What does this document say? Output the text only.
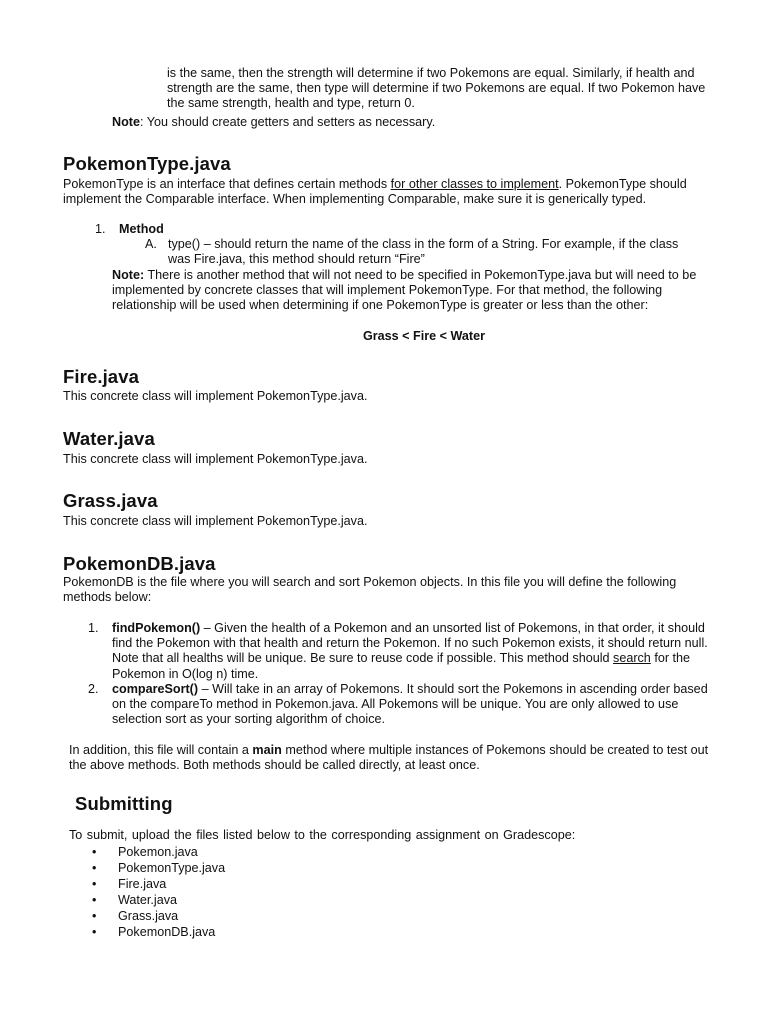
is the same, then the strength will determine if two Pokemons are equal. Similarly, if health and strength are the same, then type will determine if two Pokemons are equal. If two Pokemon have the same strength, health and type, return 0.

Note: You should create getters and setters as necessary.

PokemonType.java

PokemonType is an interface that defines certain methods for other classes to implement. PokemonType should implement the Comparable interface. When implementing Comparable, make sure it is generically typed.

1. Method
A. type() – should return the name of the class in the form of a String. For example, if the class was Fire.java, this method should return “Fire”

Note: There is another method that will not need to be specified in PokemonType.java but will need to be implemented by concrete classes that will implement PokemonType. For that method, the following relationship will be used when determining if one PokemonType is greater or less than the other:

Grass < Fire < Water

Fire.java

This concrete class will implement PokemonType.java.

Water.java

This concrete class will implement PokemonType.java.

Grass.java

This concrete class will implement PokemonType.java.

PokemonDB.java

PokemonDB is the file where you will search and sort Pokemon objects. In this file you will define the following methods below:

1. findPokemon() – Given the health of a Pokemon and an unsorted list of Pokemons, in that order, it should find the Pokemon with that health and return the Pokemon. If no such Pokemon exists, it should return null. Note that all healths will be unique. Be sure to reuse code if possible. This method should search for the Pokemon in O(log n) time.
2. compareSort() – Will take in an array of Pokemons. It should sort the Pokemons in ascending order based on the compareTo method in Pokemon.java. All Pokemons will be unique. You are only allowed to use selection sort as your sorting algorithm of choice.

In addition, this file will contain a main method where multiple instances of Pokemons should be created to test out the above methods. Both methods should be called directly, at least once.

Submitting

To submit, upload the files listed below to the corresponding assignment on Gradescope:

• Pokemon.java
• PokemonType.java
• Fire.java
• Water.java
• Grass.java
• PokemonDB.java
